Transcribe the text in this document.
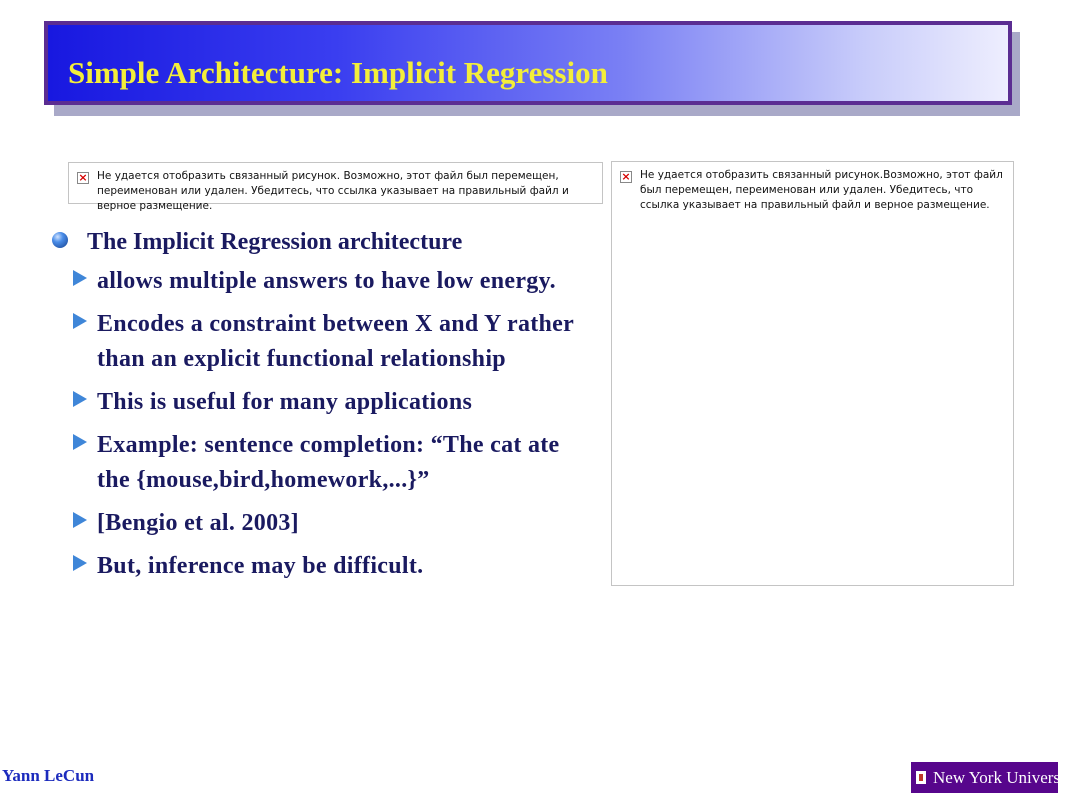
Simple Architecture: Implicit Regression
× Не удается отобразить связанный рисунок. Возможно, этот файл был перемещен, переименован или удален. Убедитесь, что ссылка указывает на правильный файл и верное размещение.
× Не удается отобразить связанный рисунок.Возможно, этот файл был перемещен, переименован или удален. Убедитесь, что ссылка указывает на правильный файл и верное размещение.
The Implicit Regression architecture
allows multiple answers to have low energy.
Encodes a constraint between X and Y rather than an explicit functional relationship
This is useful for many applications
Example: sentence completion: “The cat ate the {mouse,bird,homework,...}”
[Bengio et al. 2003]
But, inference may be difficult.
Yann LeCun	New York University
